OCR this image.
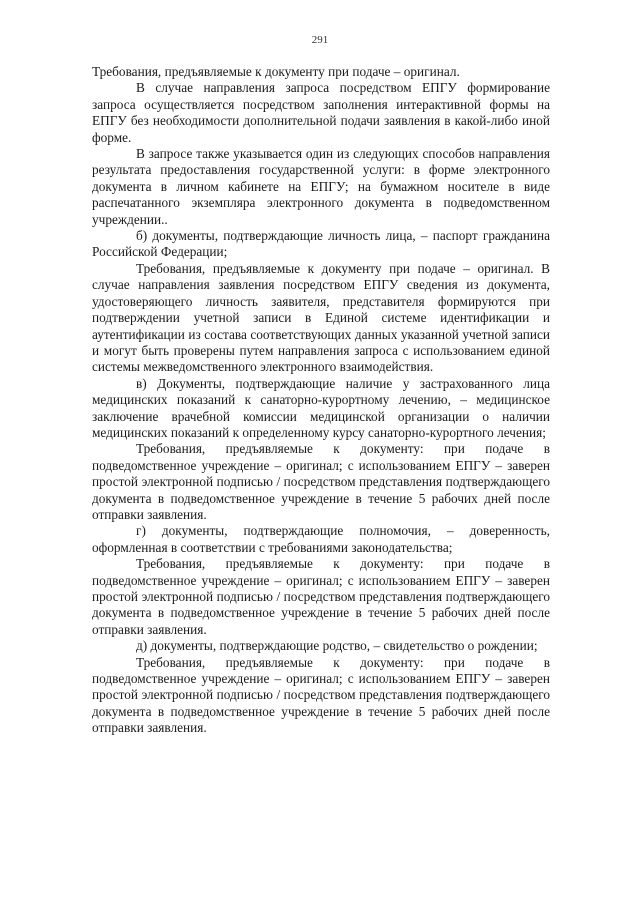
291

Требования, предъявляемые к документу при подаче – оригинал.

В случае направления запроса посредством ЕПГУ формирование запроса осуществляется посредством заполнения интерактивной формы на ЕПГУ без необходимости дополнительной подачи заявления в какой-либо иной форме.

В запросе также указывается один из следующих способов направления результата предоставления государственной услуги: в форме электронного документа в личном кабинете на ЕПГУ; на бумажном носителе в виде распечатанного экземпляра электронного документа в подведомственном учреждении..

б) документы, подтверждающие личность лица, – паспорт гражданина Российской Федерации;

Требования, предъявляемые к документу при подаче – оригинал. В случае направления заявления посредством ЕПГУ сведения из документа, удостоверяющего личность заявителя, представителя формируются при подтверждении учетной записи в Единой системе идентификации и аутентификации из состава соответствующих данных указанной учетной записи и могут быть проверены путем направления запроса с использованием единой системы межведомственного электронного взаимодействия.

в) Документы, подтверждающие наличие у застрахованного лица медицинских показаний к санаторно-курортному лечению, – медицинское заключение врачебной комиссии медицинской организации о наличии медицинских показаний к определенному курсу санаторно-курортного лечения;

Требования, предъявляемые к документу: при подаче в подведомственное учреждение – оригинал; с использованием ЕПГУ – заверен простой электронной подписью / посредством представления подтверждающего документа в подведомственное учреждение в течение 5 рабочих дней после отправки заявления.

г) документы, подтверждающие полномочия, – доверенность, оформленная в соответствии с требованиями законодательства;

Требования, предъявляемые к документу: при подаче в подведомственное учреждение – оригинал; с использованием ЕПГУ – заверен простой электронной подписью / посредством представления подтверждающего документа в подведомственное учреждение в течение 5 рабочих дней после отправки заявления.

д) документы, подтверждающие родство, – свидетельство о рождении;

Требования, предъявляемые к документу: при подаче в подведомственное учреждение – оригинал; с использованием ЕПГУ – заверен простой электронной подписью / посредством представления подтверждающего документа в подведомственное учреждение в течение 5 рабочих дней после отправки заявления.
